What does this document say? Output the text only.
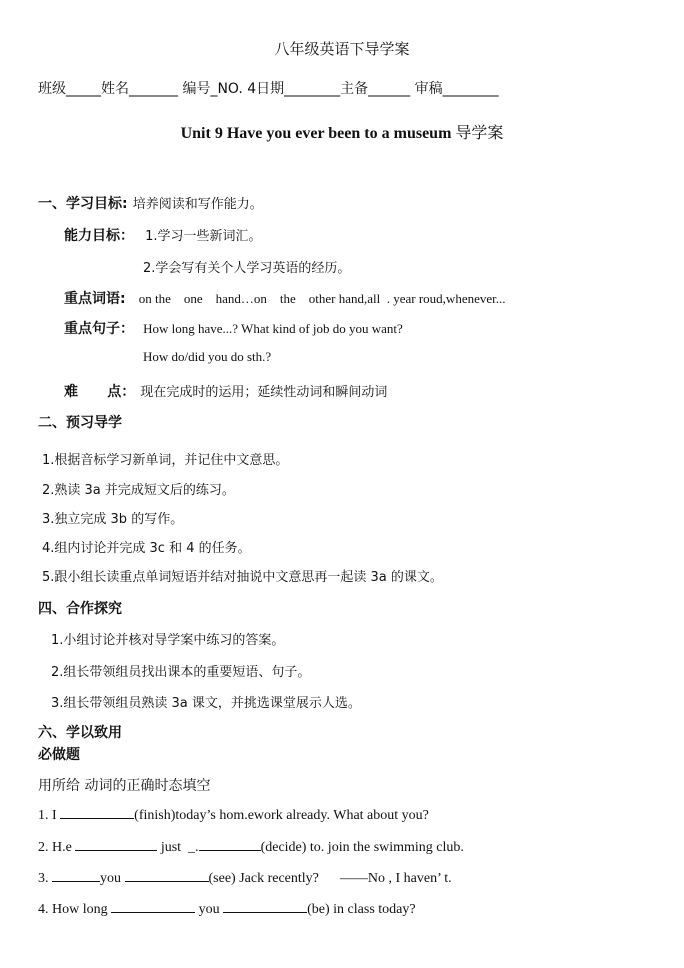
八年级英语下导学案
班级_____姓名_______ 编号_NO. 4日期________主备______ 审稿________
Unit 9 Have you ever been to a museum 导学案
一、学习目标: 培养阅读和写作能力。
能力目标： 1.学习一些新词汇。
2.学会写有关个人学习英语的经历。
重点词语: on the    one    hand…on    the    other hand,all  . year roud,whenever...
重点句子： How long have...? What kind of job do you want?
How do/did you do sth.?
难      点： 现在完成时的运用；延续性动词和瞬间动词
二、预习导学
1.根据音标学习新单词，并记住中文意思。
2.熟读 3a 并完成短文后的练习。
3.独立完成 3b 的写作。
4.组内讨论并完成 3c 和 4 的任务。
5.跟小组长读重点单词短语并结对抽说中文意思再一起读 3a 的课文。
四、合作探究
1.小组讨论并核对导学案中练习的答案。
2.组长带领组员找出课本的重要短语、句子。
3.组长带领组员熟读 3a 课文，并挑选课堂展示人选。
六、学以致用
必做题
用所给 动词的正确时态填空
1. I	(finish)today’s hom.ework already. What about you?
2. H.e	just  _.	(decide) to. join the swimming club.
3.	you	(see) Jack recently?      ——No , I haven’ t.
4. How long	you	(be) in class today?
